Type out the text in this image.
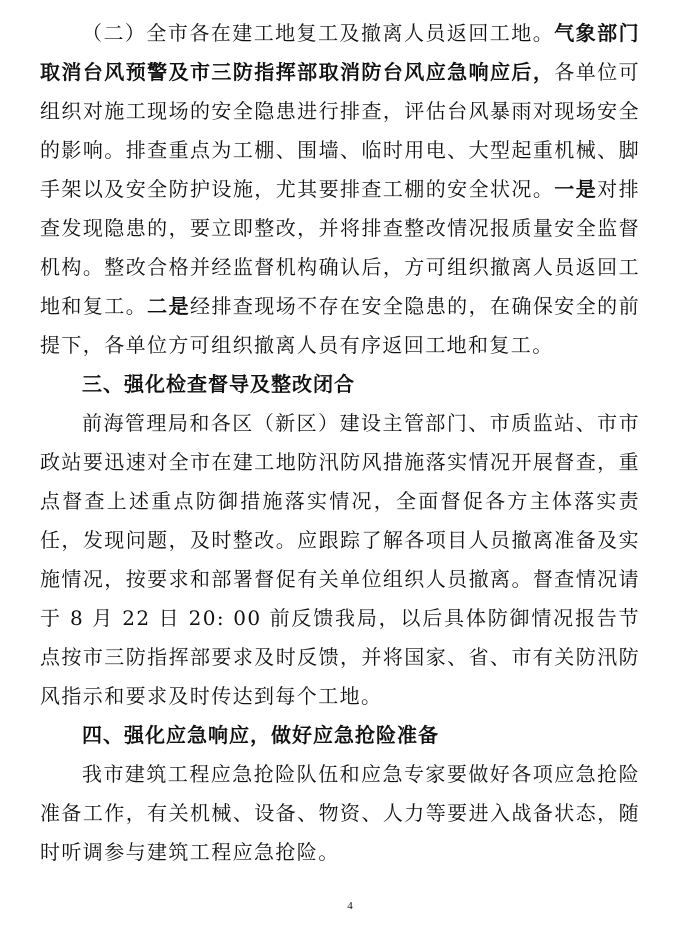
（二）全市各在建工地复工及撤离人员返回工地。气象部门取消台风预警及市三防指挥部取消防台风应急响应后，各单位可组织对施工现场的安全隐患进行排查，评估台风暴雨对现场安全的影响。排查重点为工棚、围墙、临时用电、大型起重机械、脚手架以及安全防护设施，尤其要排查工棚的安全状况。一是对排查发现隐患的，要立即整改，并将排查整改情况报质量安全监督机构。整改合格并经监督机构确认后，方可组织撤离人员返回工地和复工。二是经排查现场不存在安全隐患的，在确保安全的前提下，各单位方可组织撤离人员有序返回工地和复工。

三、强化检查督导及整改闭合

前海管理局和各区（新区）建设主管部门、市质监站、市市政站要迅速对全市在建工地防汛防风措施落实情况开展督查，重点督查上述重点防御措施落实情况，全面督促各方主体落实责任，发现问题，及时整改。应跟踪了解各项目人员撤离准备及实施情况，按要求和部署督促有关单位组织人员撤离。督查情况请于 8 月 22 日 20: 00 前反馈我局，以后具体防御情况报告节点按市三防指挥部要求及时反馈，并将国家、省、市有关防汛防风指示和要求及时传达到每个工地。

四、强化应急响应，做好应急抢险准备

我市建筑工程应急抢险队伍和应急专家要做好各项应急抢险准备工作，有关机械、设备、物资、人力等要进入战备状态，随时听调参与建筑工程应急抢险。

4
